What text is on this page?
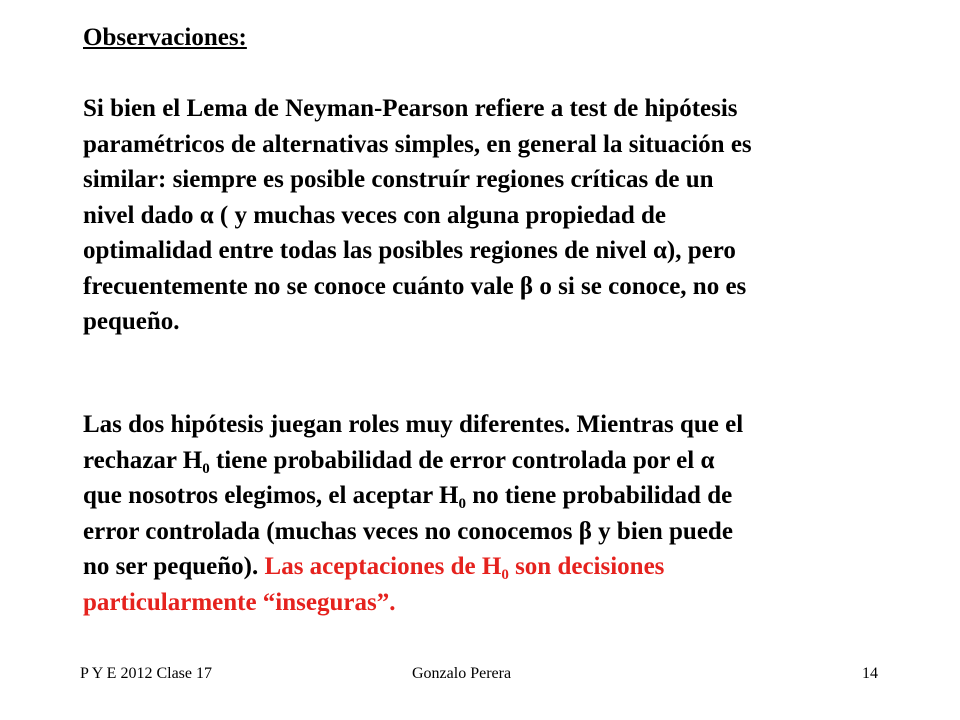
Observaciones:

Si bien el Lema de Neyman-Pearson refiere a test de hipótesis
paramétricos de alternativas simples, en general la situación es
similar: siempre es posible construír regiones críticas de un
nivel dado α ( y muchas veces con alguna propiedad de
optimalidad entre todas las posibles regiones de nivel α), pero
frecuentemente no se conoce cuánto vale β o si se conoce, no es
pequeño.

Las dos hipótesis juegan roles muy diferentes. Mientras que el
rechazar $H_0$ tiene probabilidad de error controlada por el α
que nosotros elegimos, el aceptar $H_0$ no tiene probabilidad de
error controlada (muchas veces no conocemos β y bien puede
no ser pequeño). Las aceptaciones de $H_0$ son decisiones
particularmente “inseguras”.

P Y E 2012 Clase 17	Gonzalo Perera	14
